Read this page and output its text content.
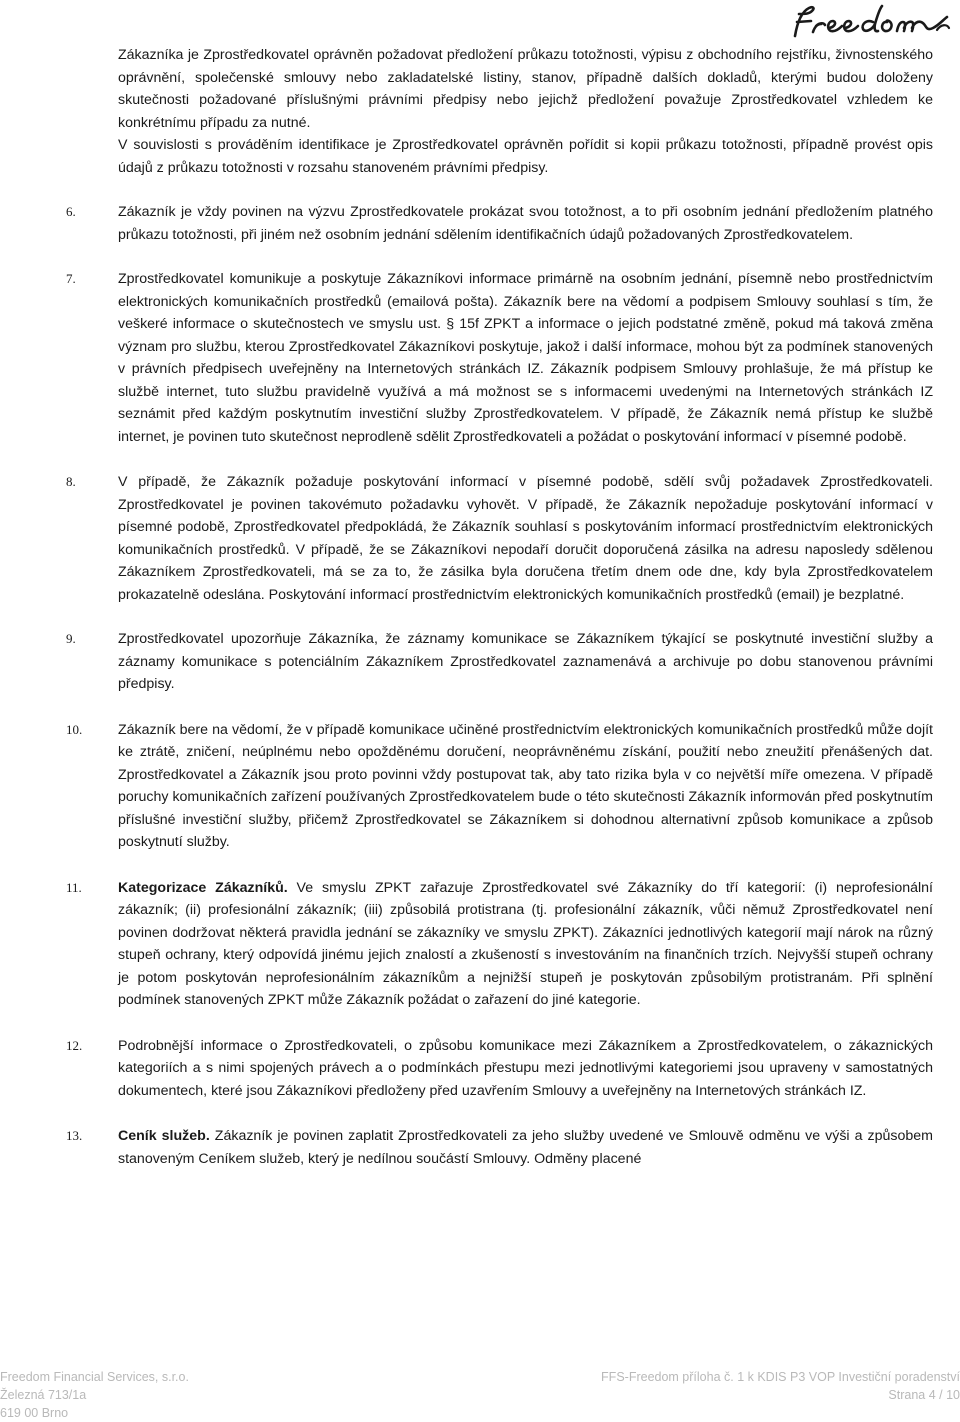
Zákazníka je Zprostředkovatel oprávněn požadovat předložení průkazu totožnosti, výpisu z obchodního rejstříku, živnostenského oprávnění, společenské smlouvy nebo zakladatelské listiny, stanov, případně dalších dokladů, kterými budou doloženy skutečnosti požadované příslušnými právními předpisy nebo jejichž předložení považuje Zprostředkovatel vzhledem ke konkrétnímu případu za nutné.

V souvislosti s prováděním identifikace je Zprostředkovatel oprávněn pořídit si kopii průkazu totožnosti, případně provést opis údajů z průkazu totožnosti v rozsahu stanoveném právními předpisy.

6.	Zákazník je vždy povinen na výzvu Zprostředkovatele prokázat svou totožnost, a to při osobním jednání předložením platného průkazu totožnosti, při jiném než osobním jednání sdělením identifikačních údajů požadovaných Zprostředkovatelem.
7.	Zprostředkovatel komunikuje a poskytuje Zákazníkovi informace primárně na osobním jednání, písemně nebo prostřednictvím elektronických komunikačních prostředků (emailová pošta). Zákazník bere na vědomí a podpisem Smlouvy souhlasí s tím, že veškeré informace o skutečnostech ve smyslu ust. § 15f ZPKT a informace o jejich podstatné změně, pokud má taková změna význam pro službu, kterou Zprostředkovatel Zákazníkovi poskytuje, jakož i další informace, mohou být za podmínek stanovených v právních předpisech uveřejněny na Internetových stránkách IZ. Zákazník podpisem Smlouvy prohlašuje, že má přístup ke službě internet, tuto službu pravidelně využívá a má možnost se s informacemi uvedenými na Internetových stránkách IZ seznámit před každým poskytnutím investiční služby Zprostředkovatelem. V případě, že Zákazník nemá přístup ke službě internet, je povinen tuto skutečnost neprodleně sdělit Zprostředkovateli a požádat o poskytování informací v písemné podobě.
8.	V případě, že Zákazník požaduje poskytování informací v písemné podobě, sdělí svůj požadavek Zprostředkovateli. Zprostředkovatel je povinen takovémuto požadavku vyhovět. V případě, že Zákazník nepožaduje poskytování informací v písemné podobě, Zprostředkovatel předpokládá, že Zákazník souhlasí s poskytováním informací prostřednictvím elektronických komunikačních prostředků. V případě, že se Zákazníkovi nepodaří doručit doporučená zásilka na adresu naposledy sdělenou Zákazníkem Zprostředkovateli, má se za to, že zásilka byla doručena třetím dnem ode dne, kdy byla Zprostředkovatelem prokazatelně odeslána. Poskytování informací prostřednictvím elektronických komunikačních prostředků (email) je bezplatné.
9.	Zprostředkovatel upozorňuje Zákazníka, že záznamy komunikace se Zákazníkem týkající se poskytnuté investiční služby a záznamy komunikace s potenciálním Zákazníkem Zprostředkovatel zaznamenává a archivuje po dobu stanovenou právními předpisy.
10.	Zákazník bere na vědomí, že v případě komunikace učiněné prostřednictvím elektronických komunikačních prostředků může dojít ke ztrátě, zničení, neúplnému nebo opožděnému doručení, neoprávněnému získání, použití nebo zneužití přenášených dat. Zprostředkovatel a Zákazník jsou proto povinni vždy postupovat tak, aby tato rizika byla v co největší míře omezena. V případě poruchy komunikačních zařízení používaných Zprostředkovatelem bude o této skutečnosti Zákazník informován před poskytnutím příslušné investiční služby, přičemž Zprostředkovatel se Zákazníkem si dohodnou alternativní způsob komunikace a způsob poskytnutí služby.
11.	Kategorizace Zákazníků. Ve smyslu ZPKT zařazuje Zprostředkovatel své Zákazníky do tří kategorií: (i) neprofesionální zákazník; (ii) profesionální zákazník; (iii) způsobilá protistrana (tj. profesionální zákazník, vůči němuž Zprostředkovatel není povinen dodržovat některá pravidla jednání se zákazníky ve smyslu ZPKT). Zákazníci jednotlivých kategorií mají nárok na různý stupeň ochrany, který odpovídá jinému jejich znalostí a zkušeností s investováním na finančních trzích. Nejvyšší stupeň ochrany je potom poskytován neprofesionálním zákazníkům a nejnižší stupeň je poskytován způsobilým protistranám. Při splnění podmínek stanovených ZPKT může Zákazník požádat o zařazení do jiné kategorie.
12.	Podrobnější informace o Zprostředkovateli, o způsobu komunikace mezi Zákazníkem a Zprostředkovatelem, o zákaznických kategoriích a s nimi spojených právech a o podmínkách přestupu mezi jednotlivými kategoriemi jsou upraveny v samostatných dokumentech, které jsou Zákazníkovi předloženy před uzavřením Smlouvy a uveřejněny na Internetových stránkách IZ.
13.	Ceník služeb. Zákazník je povinen zaplatit Zprostředkovateli za jeho služby uvedené ve Smlouvě odměnu ve výši a způsobem stanoveným Ceníkem služeb, který je nedílnou součástí Smlouvy. Odměny placené
Freedom Financial Services, s.r.o.
Železná 713/1a
619 00 Brno
FFS-Freedom příloha č. 1 k KDIS P3 VOP Investiční poradenství
Strana 4 / 10
